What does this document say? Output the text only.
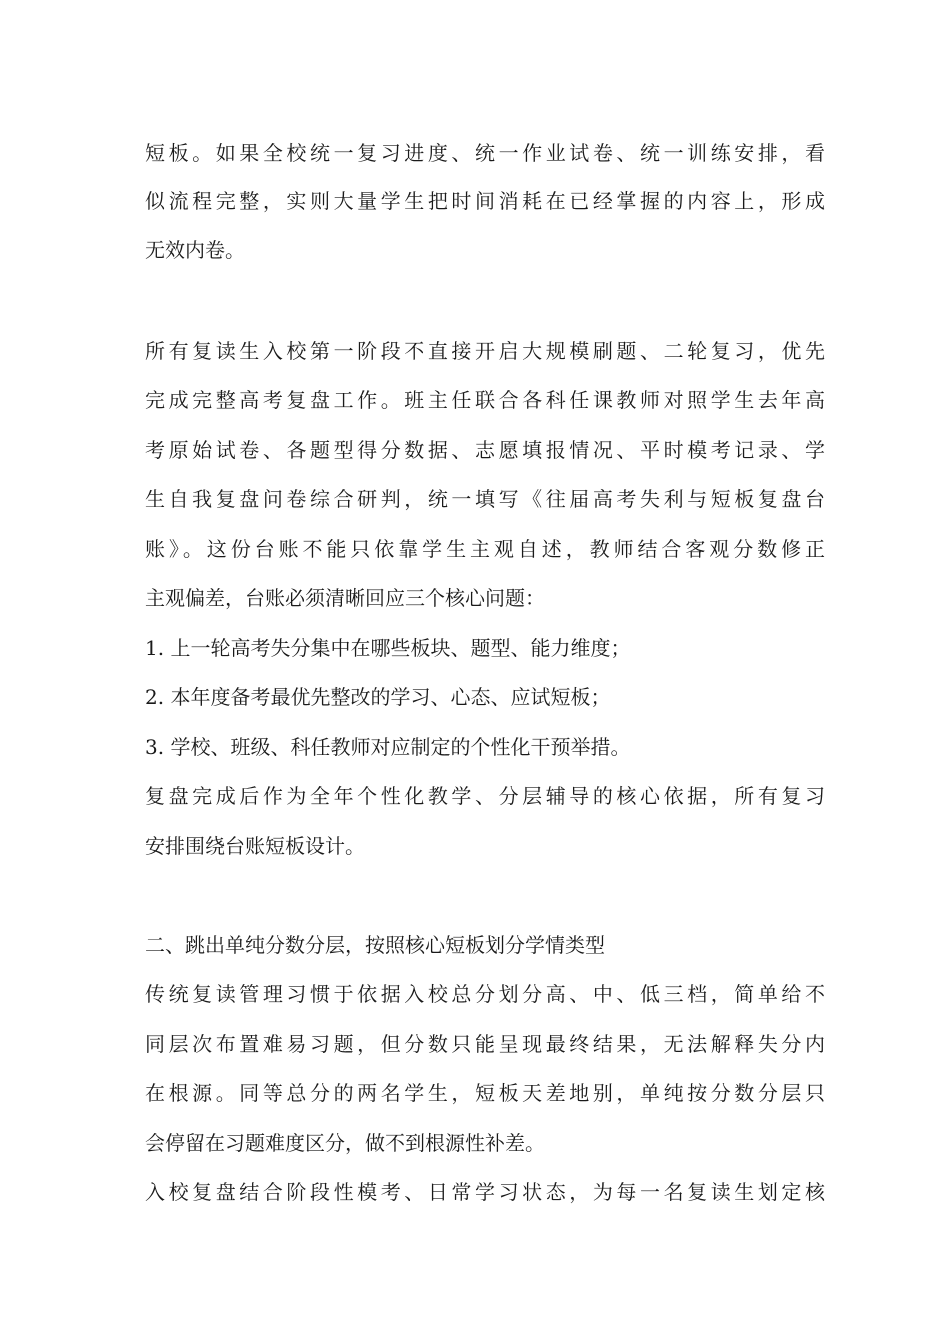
短板。如果全校统一复习进度、统一作业试卷、统一训练安排，看
似流程完整，实则大量学生把时间消耗在已经掌握的内容上，形成
无效内卷。
所有复读生入校第一阶段不直接开启大规模刷题、二轮复习，优先
完成完整高考复盘工作。班主任联合各科任课教师对照学生去年高
考原始试卷、各题型得分数据、志愿填报情况、平时模考记录、学
生自我复盘问卷综合研判，统一填写《往届高考失利与短板复盘台
账》。这份台账不能只依靠学生主观自述，教师结合客观分数修正
主观偏差，台账必须清晰回应三个核心问题：
1. 上一轮高考失分集中在哪些板块、题型、能力维度；
2. 本年度备考最优先整改的学习、心态、应试短板；
3. 学校、班级、科任教师对应制定的个性化干预举措。
复盘完成后作为全年个性化教学、分层辅导的核心依据，所有复习
安排围绕台账短板设计。
二、跳出单纯分数分层，按照核心短板划分学情类型
传统复读管理习惯于依据入校总分划分高、中、低三档，简单给不
同层次布置难易习题，但分数只能呈现最终结果，无法解释失分内
在根源。同等总分的两名学生，短板天差地别，单纯按分数分层只
会停留在习题难度区分，做不到根源性补差。
入校复盘结合阶段性模考、日常学习状态，为每一名复读生划定核
